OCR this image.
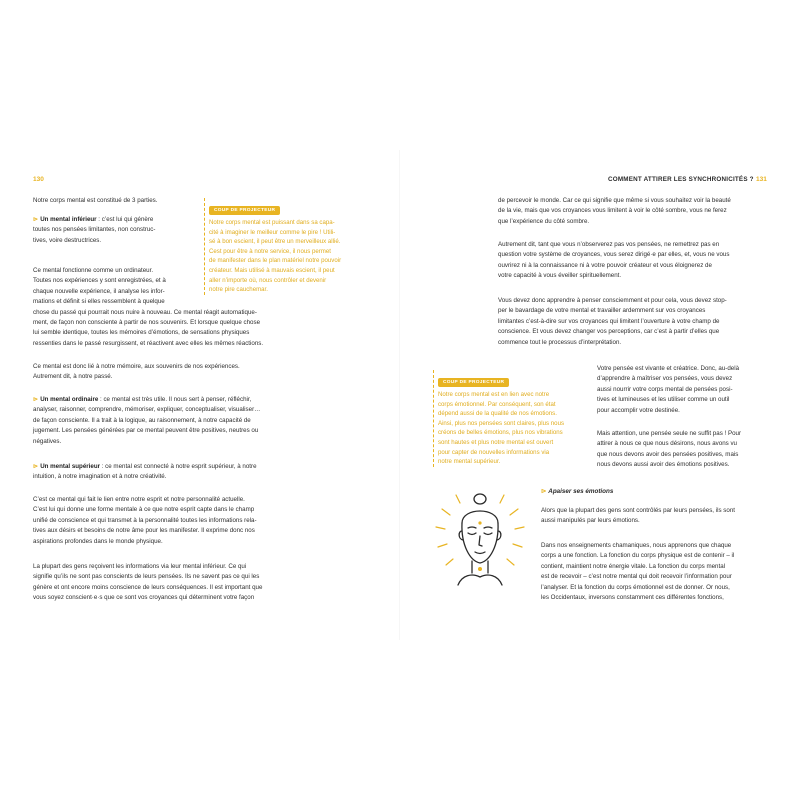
130

Notre corps mental est constitué de 3 parties.

⊳ Un mental inférieur : c’est lui qui génère
toutes nos pensées limitantes, non construc-
tives, voire destructrices.

Ce mental fonctionne comme un ordinateur.
Toutes nos expériences y sont enregistrées, et à
chaque nouvelle expérience, il analyse les infor-
mations et définit si elles ressemblent à quelque
chose du passé qui pourrait nous nuire à nouveau. Ce mental réagit automatique-
ment, de façon non consciente à partir de nos souvenirs. Et lorsque quelque chose
lui semble identique, toutes les mémoires d’émotions, de sensations physiques
ressenties dans le passé resurgissent, et réactivent avec elles les mêmes réactions.

COUP DE PROJECTEUR

Notre corps mental est puissant dans sa capa-
cité à imaginer le meilleur comme le pire ! Utili-
sé à bon escient, il peut être un merveilleux allié.
Cest pour être à notre service, il nous permet
de manifester dans le plan matériel notre pouvoir
créateur. Mais utilisé à mauvais escient, il peut
aller n’importe où, nous contrôler et devenir
notre pire cauchemar.

Ce mental est donc lié à notre mémoire, aux souvenirs de nos expériences.
Autrement dit, à notre passé.

⊳ Un mental ordinaire : ce mental est très utile. Il nous sert à penser, réfléchir,
analyser, raisonner, comprendre, mémoriser, expliquer, conceptualiser, visualiser…
de façon consciente. Il a trait à la logique, au raisonnement, à notre capacité de
jugement. Les pensées générées par ce mental peuvent être positives, neutres ou
négatives.

⊳ Un mental supérieur : ce mental est connecté à notre esprit supérieur, à notre
intuition, à notre imagination et à notre créativité.

C’est ce mental qui fait le lien entre notre esprit et notre personnalité actuelle.
C’est lui qui donne une forme mentale à ce que notre esprit capte dans le champ
unifié de conscience et qui transmet à la personnalité toutes les informations rela-
tives aux désirs et besoins de notre âme pour les manifester. Il exprime donc nos
aspirations profondes dans le monde physique.

La plupart des gens reçoivent les informations via leur mental inférieur. Ce qui
signifie qu’ils ne sont pas conscients de leurs pensées. Ils ne savent pas ce qui les
génère et ont encore moins conscience de leurs conséquences. Il est important que
vous soyez conscient·e·s que ce sont vos croyances qui déterminent votre façon

COMMENT ATTIRER LES SYNCHRONICITÉS ? 131

de percevoir le monde. Car ce qui signifie que même si vous souhaitez voir la beauté
de la vie, mais que vos croyances vous limitent à voir le côté sombre, vous ne ferez
que l’expérience du côté sombre.

Autrement dit, tant que vous n’observerez pas vos pensées, ne remettrez pas en
question votre système de croyances, vous serez dirigé·e par elles, et, vous ne vous
ouvrirez ni à la connaissance ni à votre pouvoir créateur et vous éloignerez de
votre capacité à vous éveiller spirituellement.

Vous devez donc apprendre à penser consciemment et pour cela, vous devez stop-
per le bavardage de votre mental et travailler ardemment sur vos croyances
limitantes c’est-à-dire sur vos croyances qui limitent l’ouverture à votre champ de
conscience. Et vous devez changer vos perceptions, car c’est à partir d’elles que
commence tout le processus d’interprétation.

COUP DE PROJECTEUR

Notre corps mental est en lien avec notre
corps émotionnel. Par conséquent, son état
dépend aussi de la qualité de nos émotions.
Ainsi, plus nos pensées sont claires, plus nous
créons de belles émotions, plus nos vibrations
sont hautes et plus notre mental est ouvert
pour capter de nouvelles informations via
notre mental supérieur.

Votre pensée est vivante et créatrice. Donc, au-delà
d’apprendre à maîtriser vos pensées, vous devez
aussi nourrir votre corps mental de pensées posi-
tives et lumineuses et les utiliser comme un outil
pour accomplir votre destinée.

Mais attention, une pensée seule ne suffit pas ! Pour
attirer à nous ce que nous désirons, nous avons vu
que nous devons avoir des pensées positives, mais
nous devons aussi avoir des émotions positives.

⊳ Apaiser ses émotions

Alors que la plupart des gens sont contrôlés par leurs pensées, ils sont
aussi manipulés par leurs émotions.

Dans nos enseignements chamaniques, nous apprenons que chaque
corps a une fonction. La fonction du corps physique est de contenir – il
contient, maintient notre énergie vitale. La fonction du corps mental
est de recevoir – c’est notre mental qui doit recevoir l’information pour
l’analyser. Et la fonction du corps émotionnel est de donner. Or nous,
les Occidentaux, inversons constamment ces différentes fonctions,
